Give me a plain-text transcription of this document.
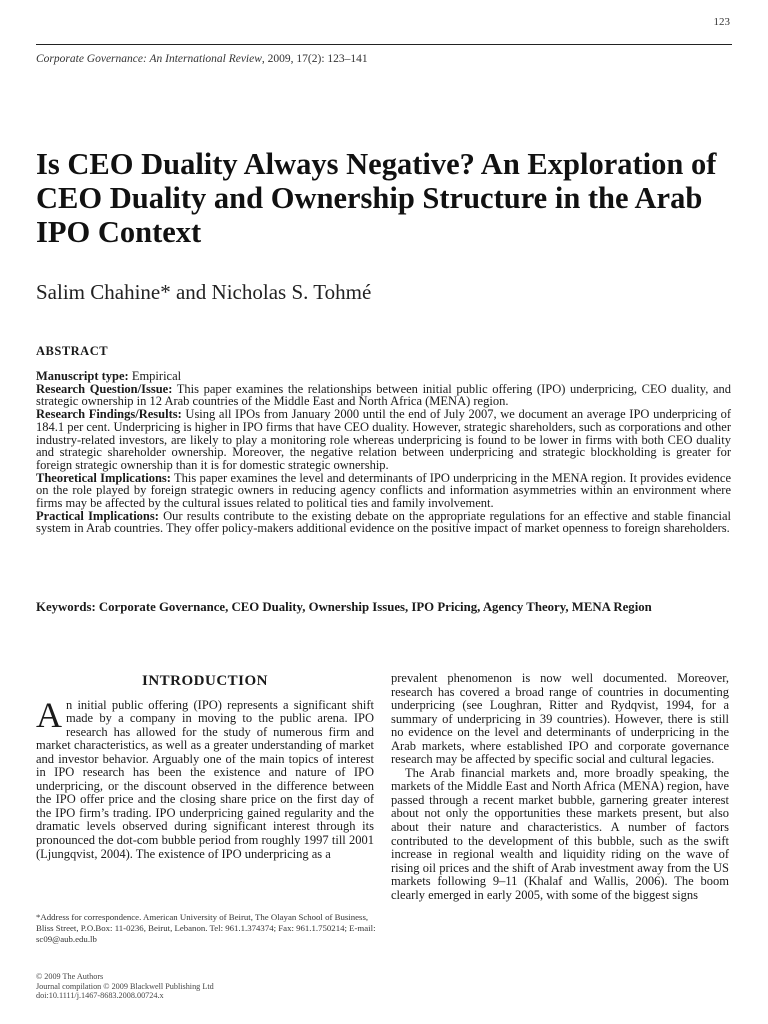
123
Corporate Governance: An International Review, 2009, 17(2): 123–141
Is CEO Duality Always Negative? An Exploration of CEO Duality and Ownership Structure in the Arab IPO Context
Salim Chahine* and Nicholas S. Tohmé
ABSTRACT

Manuscript type: Empirical

Research Question/Issue: This paper examines the relationships between initial public offering (IPO) underpricing, CEO duality, and strategic ownership in 12 Arab countries of the Middle East and North Africa (MENA) region.

Research Findings/Results: Using all IPOs from January 2000 until the end of July 2007, we document an average IPO underpricing of 184.1 per cent. Underpricing is higher in IPO firms that have CEO duality. However, strategic shareholders, such as corporations and other industry-related investors, are likely to play a monitoring role whereas underpricing is found to be lower in firms with both CEO duality and strategic shareholder ownership. Moreover, the negative relation between underpricing and strategic blockholding is greater for foreign strategic ownership than it is for domestic strategic ownership.

Theoretical Implications: This paper examines the level and determinants of IPO underpricing in the MENA region. It provides evidence on the role played by foreign strategic owners in reducing agency conflicts and information asymmetries within an environment where firms may be affected by the cultural issues related to political ties and family involvement.

Practical Implications: Our results contribute to the existing debate on the appropriate regulations for an effective and stable financial system in Arab countries. They offer policy-makers additional evidence on the positive impact of market openness to foreign shareholders.

Keywords: Corporate Governance, CEO Duality, Ownership Issues, IPO Pricing, Agency Theory, MENA Region
INTRODUCTION

An initial public offering (IPO) represents a significant shift made by a company in moving to the public arena. IPO research has allowed for the study of numerous firm and market characteristics, as well as a greater understanding of market and investor behavior. Arguably one of the main topics of interest in IPO research has been the existence and nature of IPO underpricing, or the discount observed in the difference between the IPO offer price and the closing share price on the first day of the IPO firm’s trading. IPO underpricing gained regularity and the dramatic levels observed during significant interest through its pronounced the dot-com bubble period from roughly 1997 till 2001 (Ljungqvist, 2004). The existence of IPO underpricing as a

prevalent phenomenon is now well documented. Moreover, research has covered a broad range of countries in documenting underpricing (see Loughran, Ritter and Rydqvist, 1994, for a summary of underpricing in 39 countries). However, there is still no evidence on the level and determinants of underpricing in the Arab markets, where established IPO and corporate governance research may be affected by specific social and cultural legacies.

The Arab financial markets and, more broadly speaking, the markets of the Middle East and North Africa (MENA) region, have passed through a recent market bubble, garnering greater interest about not only the opportunities these markets present, but also about their nature and characteristics. A number of factors contributed to the development of this bubble, such as the swift increase in regional wealth and liquidity riding on the wave of rising oil prices and the shift of Arab investment away from the US markets following 9–11 (Khalaf and Wallis, 2006). The boom clearly emerged in early 2005, with some of the biggest signs

*Address for correspondence. American University of Beirut, The Olayan School of Business, Bliss Street, P.O.Box: 11-0236, Beirut, Lebanon. Tel: 961.1.374374; Fax: 961.1.750214; E-mail: sc09@aub.edu.lb
© 2009 The Authors
Journal compilation © 2009 Blackwell Publishing Ltd
doi:10.1111/j.1467-8683.2008.00724.x
